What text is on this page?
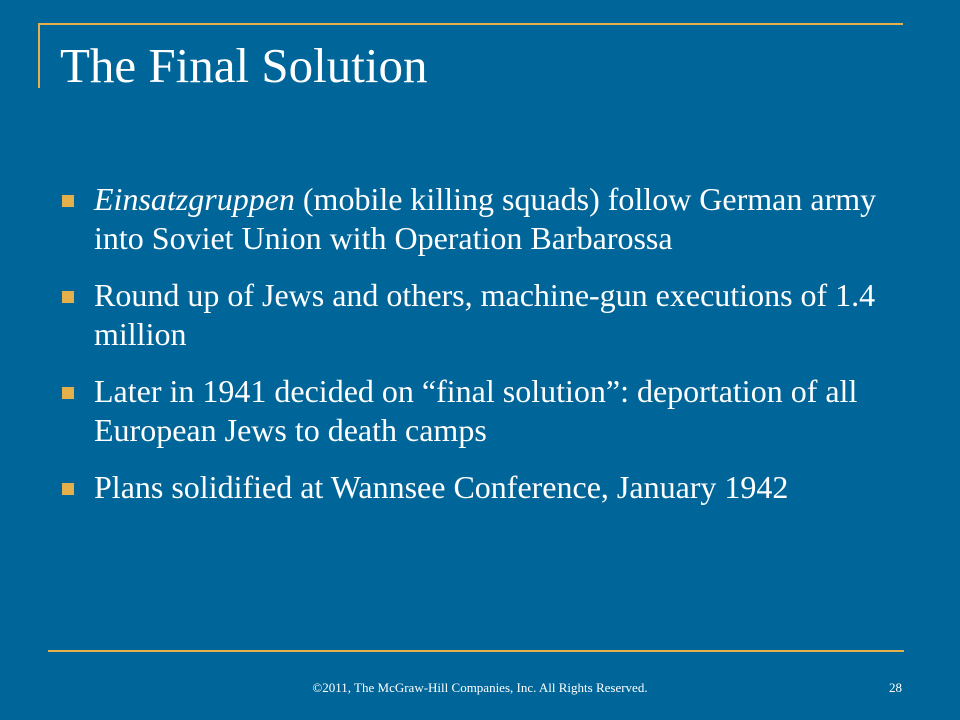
The Final Solution
Einsatzgruppen (mobile killing squads) follow German army into Soviet Union with Operation Barbarossa
Round up of Jews and others, machine-gun executions of 1.4 million
Later in 1941 decided on “final solution”: deportation of all European Jews to death camps
Plans solidified at Wannsee Conference, January 1942
©2011, The McGraw-Hill Companies, Inc. All Rights Reserved.	28
